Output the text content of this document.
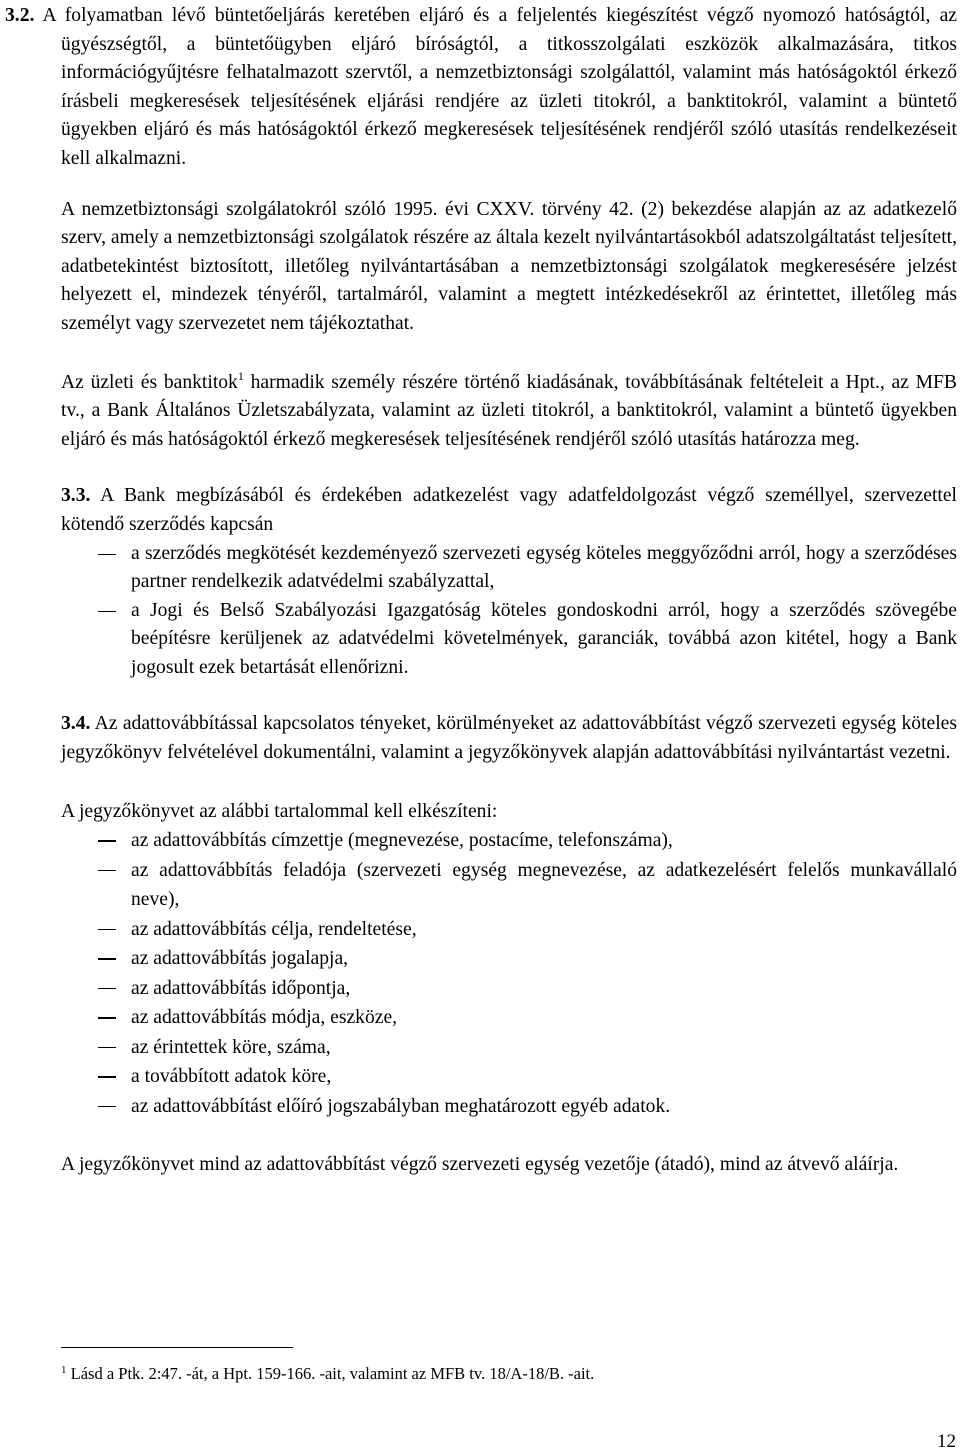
3.2. A folyamatban lévő büntetőeljárás keretében eljáró és a feljelentés kiegészítést végző nyomozó hatóságtól, az ügyészségtől, a büntetőügyben eljáró bíróságtól, a titkosszolgálati eszközök alkalmazására, titkos információgyűjtésre felhatalmazott szervtől, a nemzetbiztonsági szolgálattól, valamint más hatóságoktól érkező írásbeli megkeresések teljesítésének eljárási rendjére az üzleti titokról, a banktitokról, valamint a büntető ügyekben eljáró és más hatóságoktól érkező megkeresések teljesítésének rendjéről szóló utasítás rendelkezéseit kell alkalmazni.

A nemzetbiztonsági szolgálatokról szóló 1995. évi CXXV. törvény 42. (2) bekezdése alapján az az adatkezelő szerv, amely a nemzetbiztonsági szolgálatok részére az általa kezelt nyilvántartásokból adatszolgáltatást teljesített, adatbetekintést biztosított, illetőleg nyilvántartásában a nemzetbiztonsági szolgálatok megkeresésére jelzést helyezett el, mindezek tényéről, tartalmáról, valamint a megtett intézkedésekről az érintettet, illetőleg más személyt vagy szervezetet nem tájékoztathat.

Az üzleti és banktitok$^1$ harmadik személy részére történő kiadásának, továbbításának feltételeit a Hpt., az MFB tv., a Bank Általános Üzletszabályzata, valamint az üzleti titokról, a banktitokról, valamint a büntető ügyekben eljáró és más hatóságoktól érkező megkeresések teljesítésének rendjéről szóló utasítás határozza meg.

3.3. A Bank megbízásából és érdekében adatkezelést vagy adatfeldolgozást végző személlyel, szervezettel kötendő szerződés kapcsán

a szerződés megkötését kezdeményező szervezeti egység köteles meggyőződni arról, hogy a szerződéses partner rendelkezik adatvédelmi szabályzattal,
a Jogi és Belső Szabályozási Igazgatóság köteles gondoskodni arról, hogy a szerződés szövegébe beépítésre kerüljenek az adatvédelmi követelmények, garanciák, továbbá azon kitétel, hogy a Bank jogosult ezek betartását ellenőrizni.

3.4. Az adattovábbítással kapcsolatos tényeket, körülményeket az adattovábbítást végző szervezeti egység köteles jegyzőkönyv felvételével dokumentálni, valamint a jegyzőkönyvek alapján adattovábbítási nyilvántartást vezetni.

A jegyzőkönyvet az alábbi tartalommal kell elkészíteni:

az adattovábbítás címzettje (megnevezése, postacíme, telefonszáma),
az adattovábbítás feladója (szervezeti egység megnevezése, az adatkezelésért felelős munkavállaló neve),
az adattovábbítás célja, rendeltetése,
az adattovábbítás jogalapja,
az adattovábbítás időpontja,
az adattovábbítás módja, eszköze,
az érintettek köre, száma,
a továbbított adatok köre,
az adattovábbítást előíró jogszabályban meghatározott egyéb adatok.

A jegyzőkönyvet mind az adattovábbítást végző szervezeti egység vezetője (átadó), mind az átvevő aláírja.

$^1$ Lásd a Ptk. 2:47. -át, a Hpt. 159-166. -ait, valamint az MFB tv. 18/A-18/B. -ait.
12
